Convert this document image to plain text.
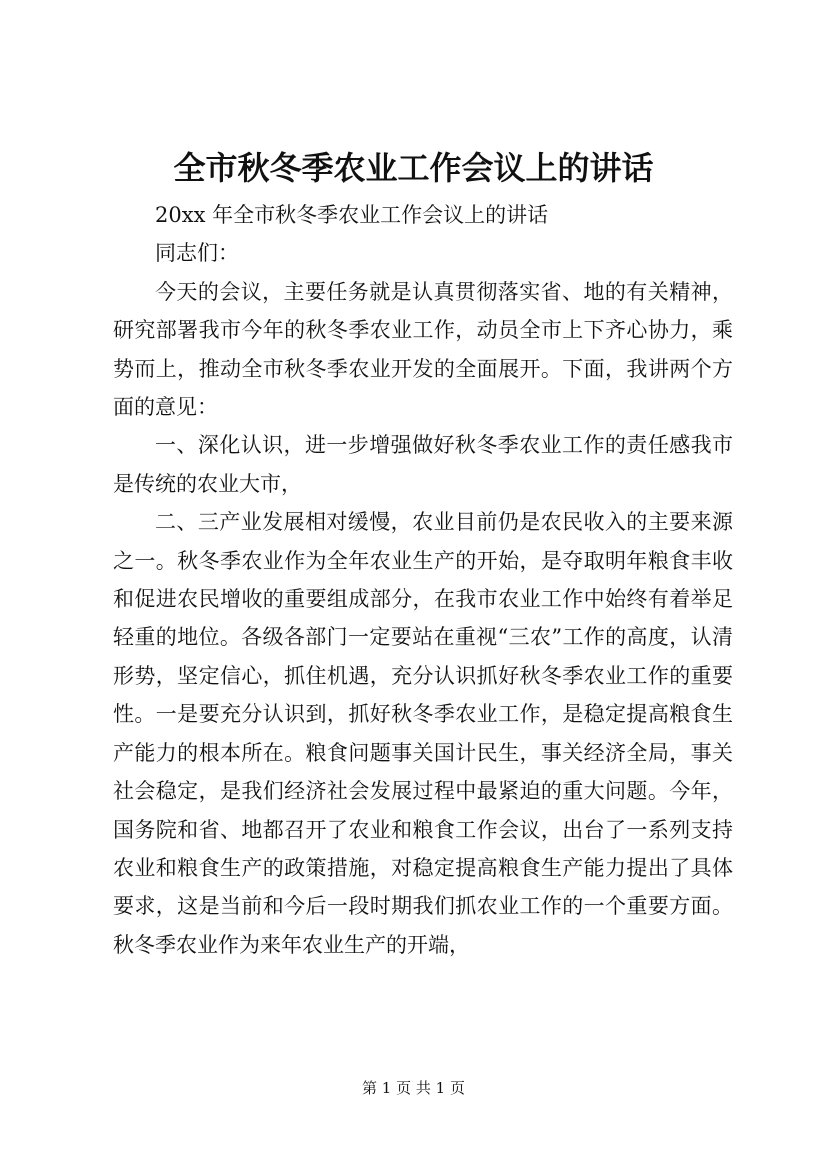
全市秋冬季农业工作会议上的讲话

20xx 年全市秋冬季农业工作会议上的讲话

同志们：

今天的会议，主要任务就是认真贯彻落实省、地的有关精神，研究部署我市今年的秋冬季农业工作，动员全市上下齐心协力，乘势而上，推动全市秋冬季农业开发的全面展开。下面，我讲两个方面的意见：

一、深化认识，进一步增强做好秋冬季农业工作的责任感我市是传统的农业大市，

二、三产业发展相对缓慢，农业目前仍是农民收入的主要来源之一。秋冬季农业作为全年农业生产的开始，是夺取明年粮食丰收和促进农民增收的重要组成部分，在我市农业工作中始终有着举足轻重的地位。各级各部门一定要站在重视“三农”工作的高度，认清形势，坚定信心，抓住机遇，充分认识抓好秋冬季农业工作的重要性。一是要充分认识到，抓好秋冬季农业工作，是稳定提高粮食生产能力的根本所在。粮食问题事关国计民生，事关经济全局，事关社会稳定，是我们经济社会发展过程中最紧迫的重大问题。今年，国务院和省、地都召开了农业和粮食工作会议，出台了一系列支持农业和粮食生产的政策措施，对稳定提高粮食生产能力提出了具体要求，这是当前和今后一段时期我们抓农业工作的一个重要方面。秋冬季农业作为来年农业生产的开端，

第 1 页 共 1 页
